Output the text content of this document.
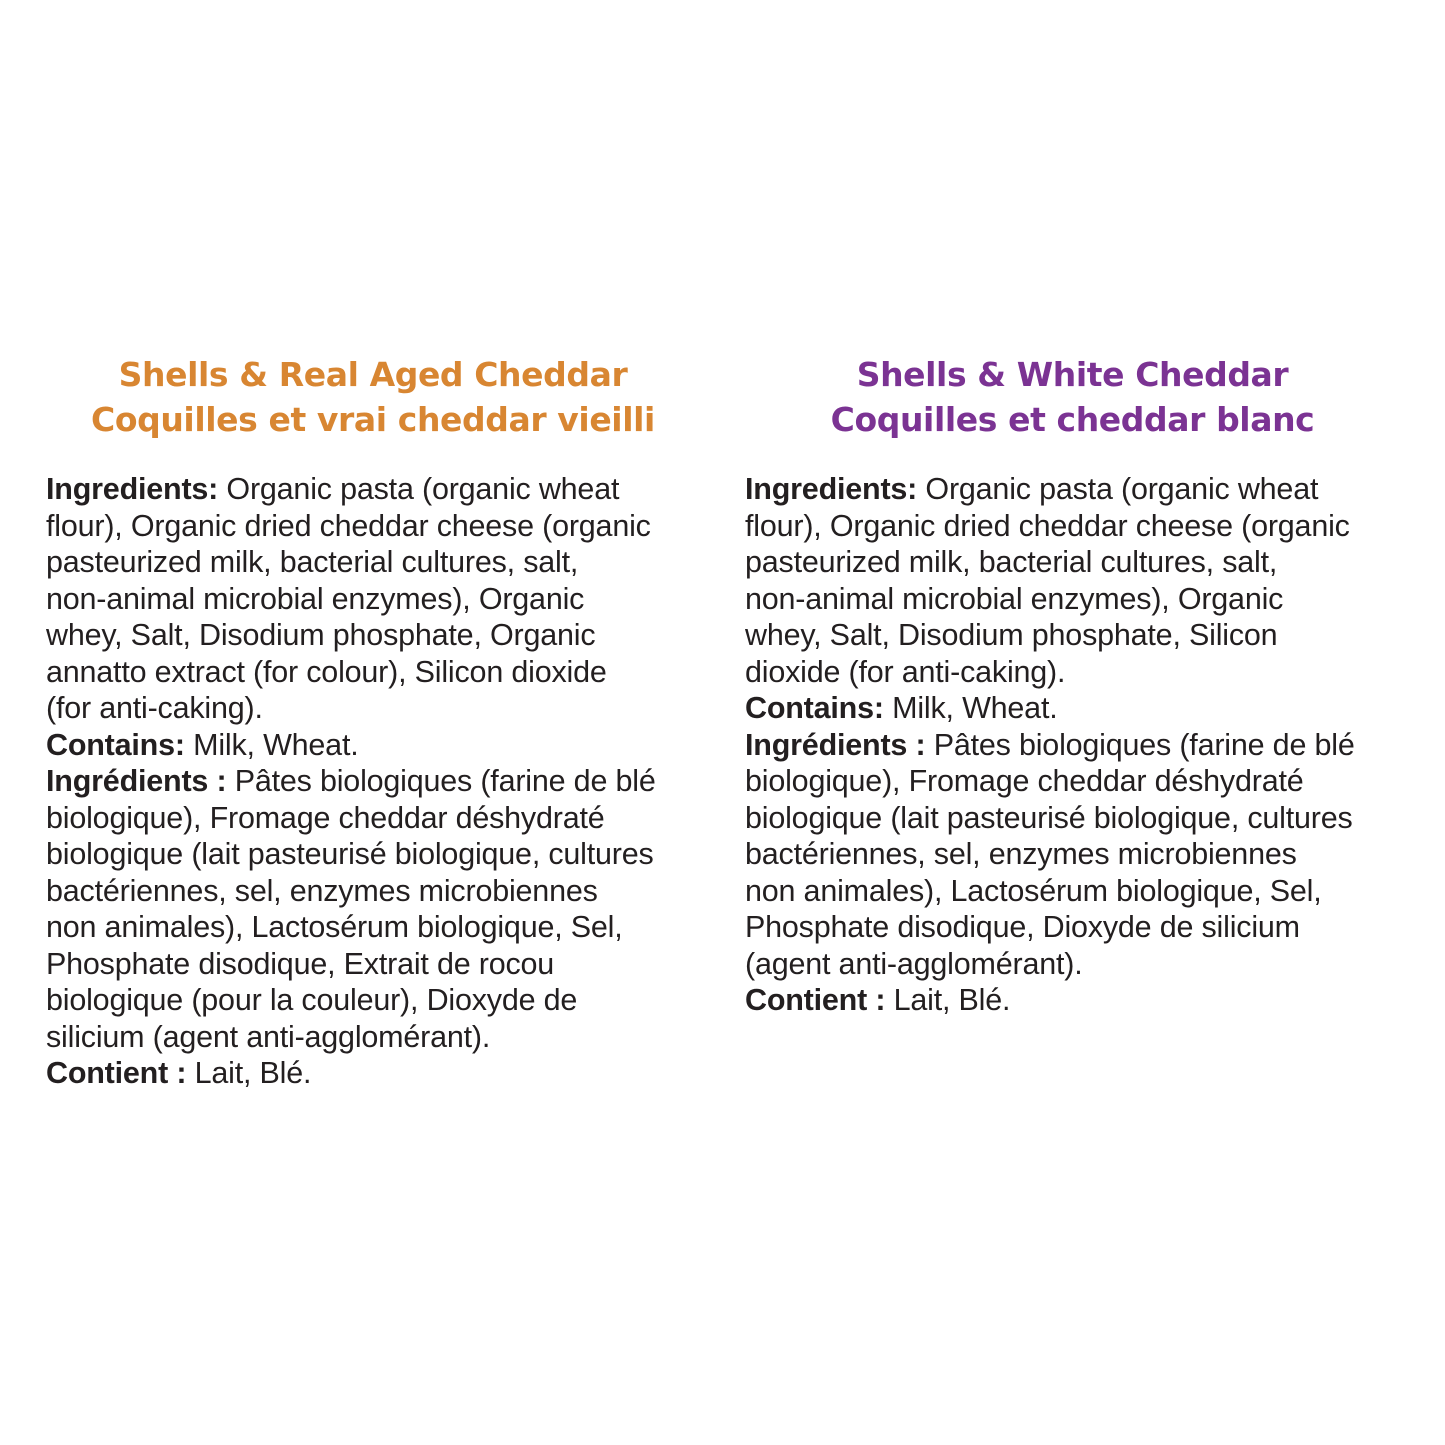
Shells & Real Aged Cheddar
Coquilles et vrai cheddar vieilli
Ingredients: Organic pasta (organic wheat
flour), Organic dried cheddar cheese (organic
pasteurized milk, bacterial cultures, salt,
non-animal microbial enzymes), Organic
whey, Salt, Disodium phosphate, Organic
annatto extract (for colour), Silicon dioxide
(for anti-caking).
Contains: Milk, Wheat.
Ingrédients : Pâtes biologiques (farine de blé
biologique), Fromage cheddar déshydraté
biologique (lait pasteurisé biologique, cultures
bactériennes, sel, enzymes microbiennes
non animales), Lactosérum biologique, Sel,
Phosphate disodique, Extrait de rocou
biologique (pour la couleur), Dioxyde de
silicium (agent anti-agglomérant).
Contient : Lait, Blé.
Shells & White Cheddar
Coquilles et cheddar blanc
Ingredients: Organic pasta (organic wheat
flour), Organic dried cheddar cheese (organic
pasteurized milk, bacterial cultures, salt,
non-animal microbial enzymes), Organic
whey, Salt, Disodium phosphate, Silicon
dioxide (for anti-caking).
Contains: Milk, Wheat.
Ingrédients : Pâtes biologiques (farine de blé
biologique), Fromage cheddar déshydraté
biologique (lait pasteurisé biologique, cultures
bactériennes, sel, enzymes microbiennes
non animales), Lactosérum biologique, Sel,
Phosphate disodique, Dioxyde de silicium
(agent anti-agglomérant).
Contient : Lait, Blé.
